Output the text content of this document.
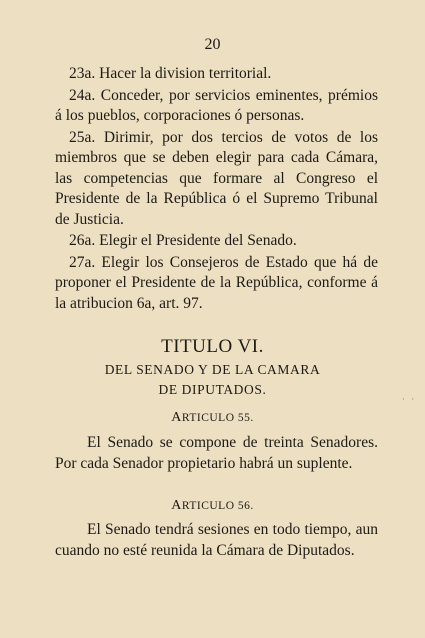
20

23a. Hacer la division territorial.

24a. Conceder, por servicios eminentes, prémios á los pueblos, corporaciones ó personas.

25a. Dirimir, por dos tercios de votos de los miembros que se deben elegir para cada Cámara, las competencias que formare al Congreso el Presidente de la República ó el Supremo Tribunal de Justicia.

26a. Elegir el Presidente del Senado.

27a. Elegir los Consejeros de Estado que há de proponer el Presidente de la República, conforme á la atribucion 6a, art. 97.

TITULO VI.
DEL SENADO Y DE LA CAMARA
DE DIPUTADOS.
ARTICULO 55.
El Senado se compone de treinta Senadores. Por cada Senador propietario habrá un suplente.
ARTICULO 56.
El Senado tendrá sesiones en todo tiempo, aun cuando no esté reunida la Cámara de Diputados.
· ·
